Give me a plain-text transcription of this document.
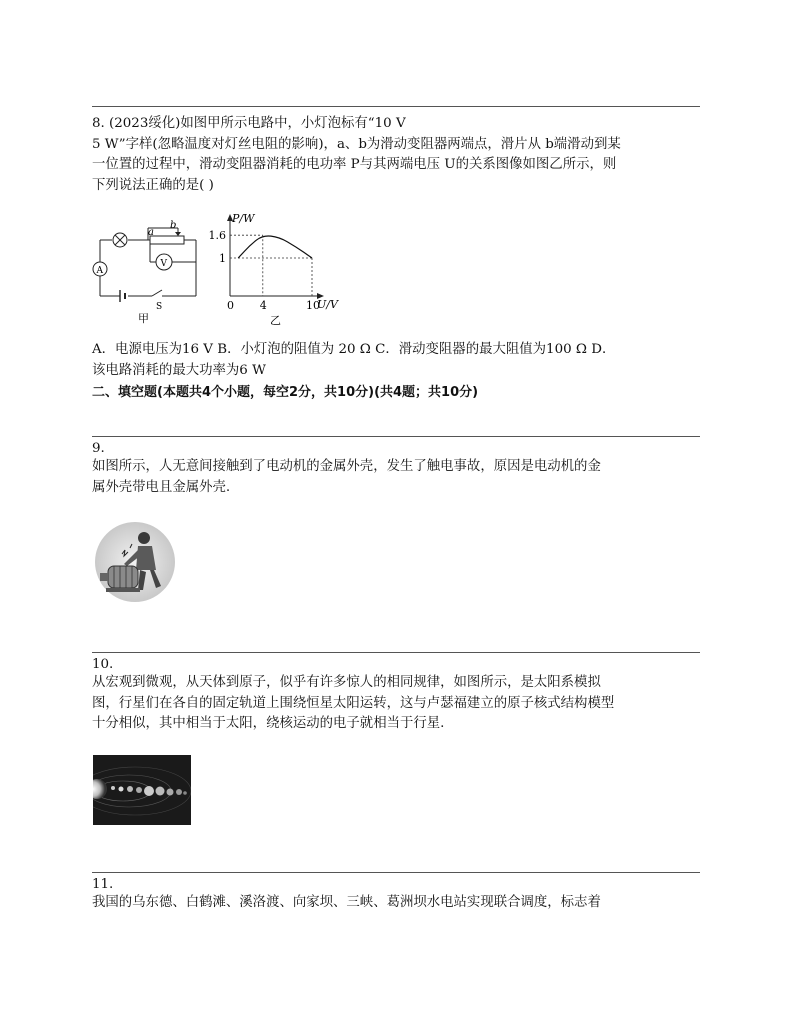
8. (2023绥化)如图甲所示电路中，小灯泡标有“10 V
5 W”字样(忽略温度对灯丝电阻的影响)，a、b为滑动变阻器两端点，滑片从 b端滑动到某
一位置的过程中，滑动变阻器消耗的电功率 P与其两端电压 U的关系图像如图乙所示，则
下列说法正确的是( )
a
b
A
V
S
甲
0 4	10
1
1.6
P/W
U/V
乙
A．电源电压为16 V B．小灯泡的阻值为 20 Ω C．滑动变阻器的最大阻值为100 Ω D．
该电路消耗的最大功率为6 W
二、填空题(本题共4个小题，每空2分，共10分)(共4题；共10分)
9.
如图所示，人无意间接触到了电动机的金属外壳，发生了触电事故，原因是电动机的金
属外壳带电且金属外壳.
10.
从宏观到微观，从天体到原子，似乎有许多惊人的相同规律，如图所示，是太阳系模拟
图，行星们在各自的固定轨道上围绕恒星太阳运转，这与卢瑟福建立的原子核式结构模型
十分相似，其中相当于太阳，绕核运动的电子就相当于行星.
11.
我国的乌东德、白鹤滩、溪洛渡、向家坝、三峡、葛洲坝水电站实现联合调度，标志着
